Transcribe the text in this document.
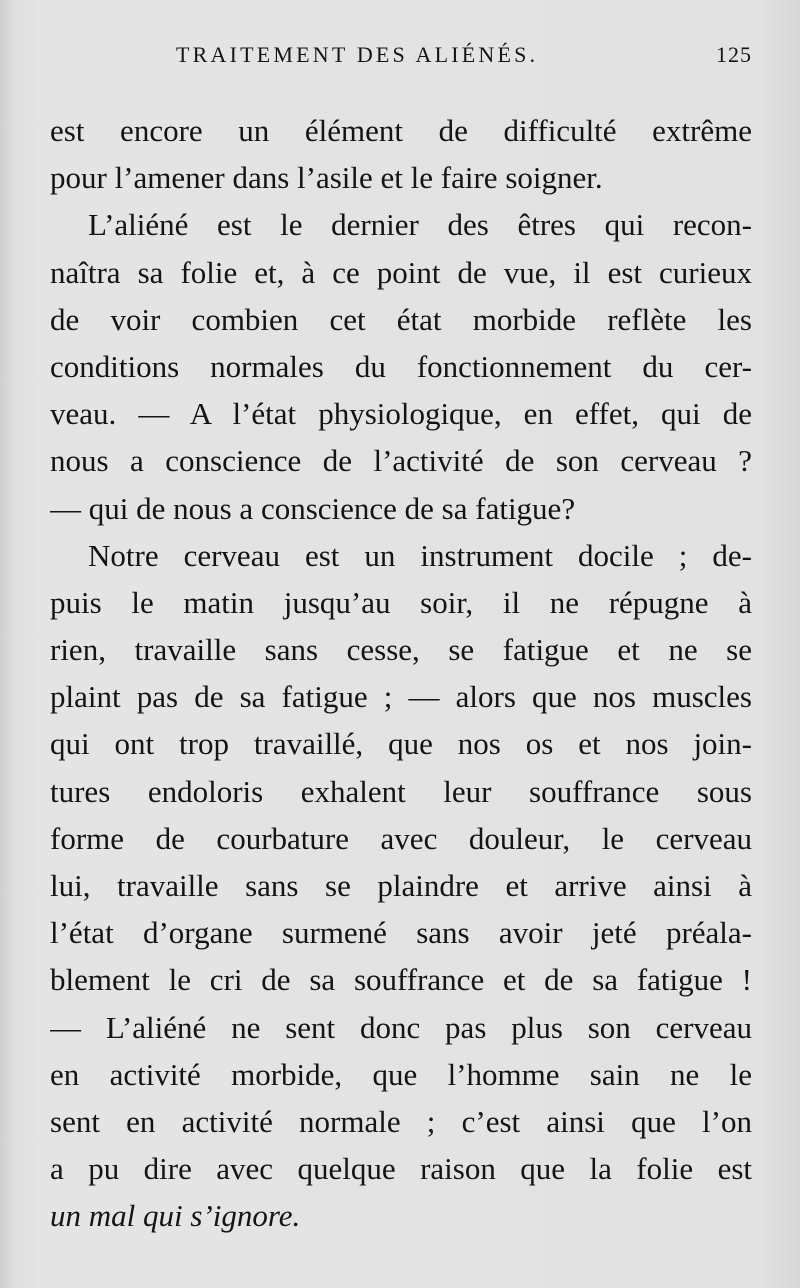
TRAITEMENT DES ALIÉNÉS.	125
est encore un élément de difficulté extrême
pour l’amener dans l’asile et le faire soigner.
L’aliéné est le dernier des êtres qui recon-
naîtra sa folie et, à ce point de vue, il est curieux
de voir combien cet état morbide reflète les
conditions normales du fonctionnement du cer-
veau. — A l’état physiologique, en effet, qui de
nous a conscience de l’activité de son cerveau ?
— qui de nous a conscience de sa fatigue?
Notre cerveau est un instrument docile ; de-
puis le matin jusqu’au soir, il ne répugne à
rien, travaille sans cesse, se fatigue et ne se
plaint pas de sa fatigue ; — alors que nos muscles
qui ont trop travaillé, que nos os et nos join-
tures endoloris exhalent leur souffrance sous
forme de courbature avec douleur, le cerveau
lui, travaille sans se plaindre et arrive ainsi à
l’état d’organe surmené sans avoir jeté préala-
blement le cri de sa souffrance et de sa fatigue !
— L’aliéné ne sent donc pas plus son cerveau
en activité morbide, que l’homme sain ne le
sent en activité normale ; c’est ainsi que l’on
a pu dire avec quelque raison que la folie est
un mal qui s’ignore.
